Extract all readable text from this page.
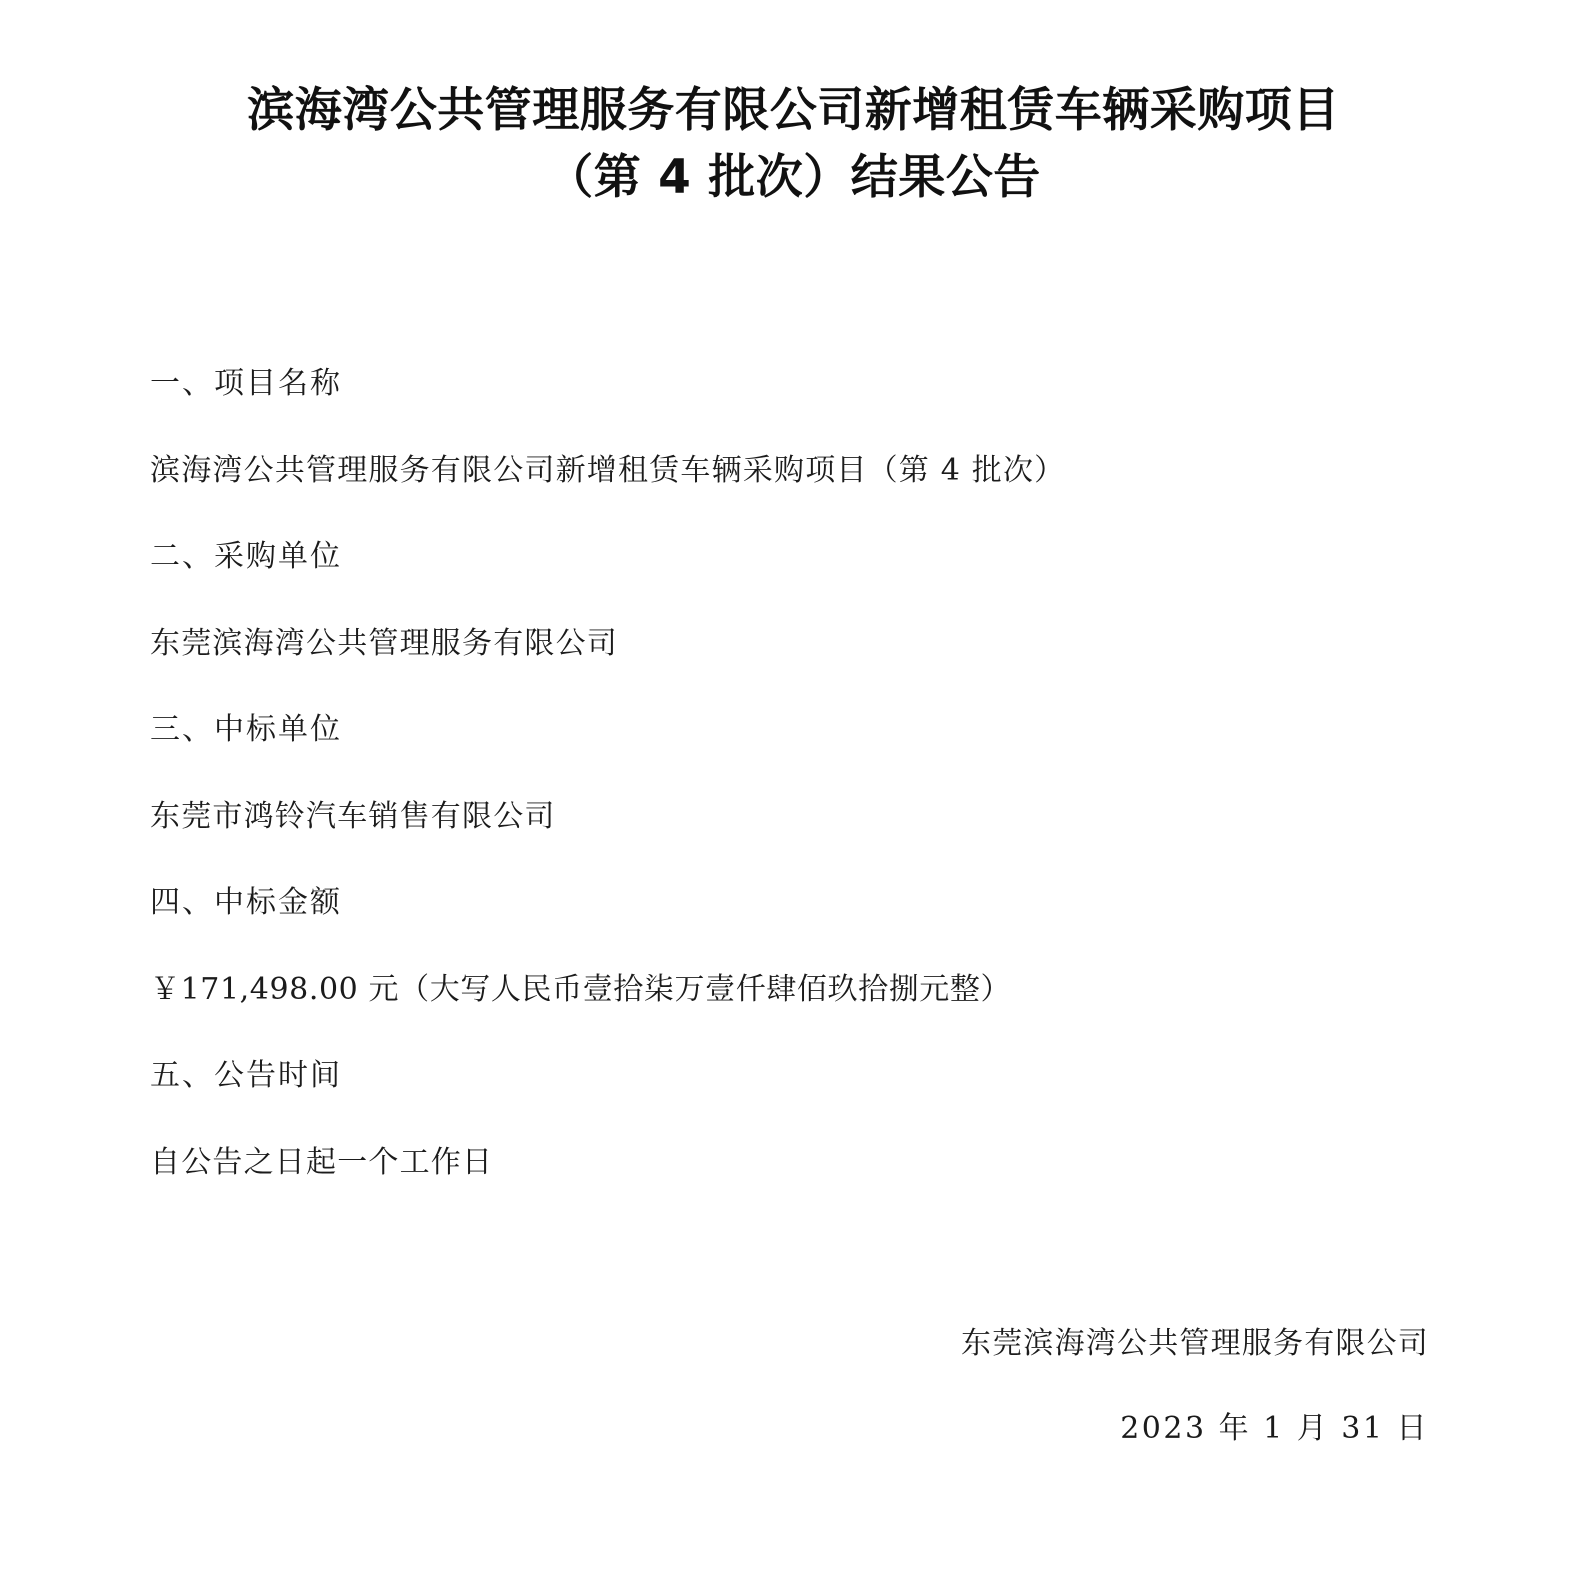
滨海湾公共管理服务有限公司新增租赁车辆采购项目（第 4 批次）结果公告

一、项目名称

滨海湾公共管理服务有限公司新增租赁车辆采购项目（第 4 批次）

二、采购单位

东莞滨海湾公共管理服务有限公司

三、中标单位

东莞市鸿铃汽车销售有限公司

四、中标金额

￥171,498.00 元（大写人民币壹拾柒万壹仟肆佰玖拾捌元整）

五、公告时间

自公告之日起一个工作日

东莞滨海湾公共管理服务有限公司
2023 年 1 月 31 日
